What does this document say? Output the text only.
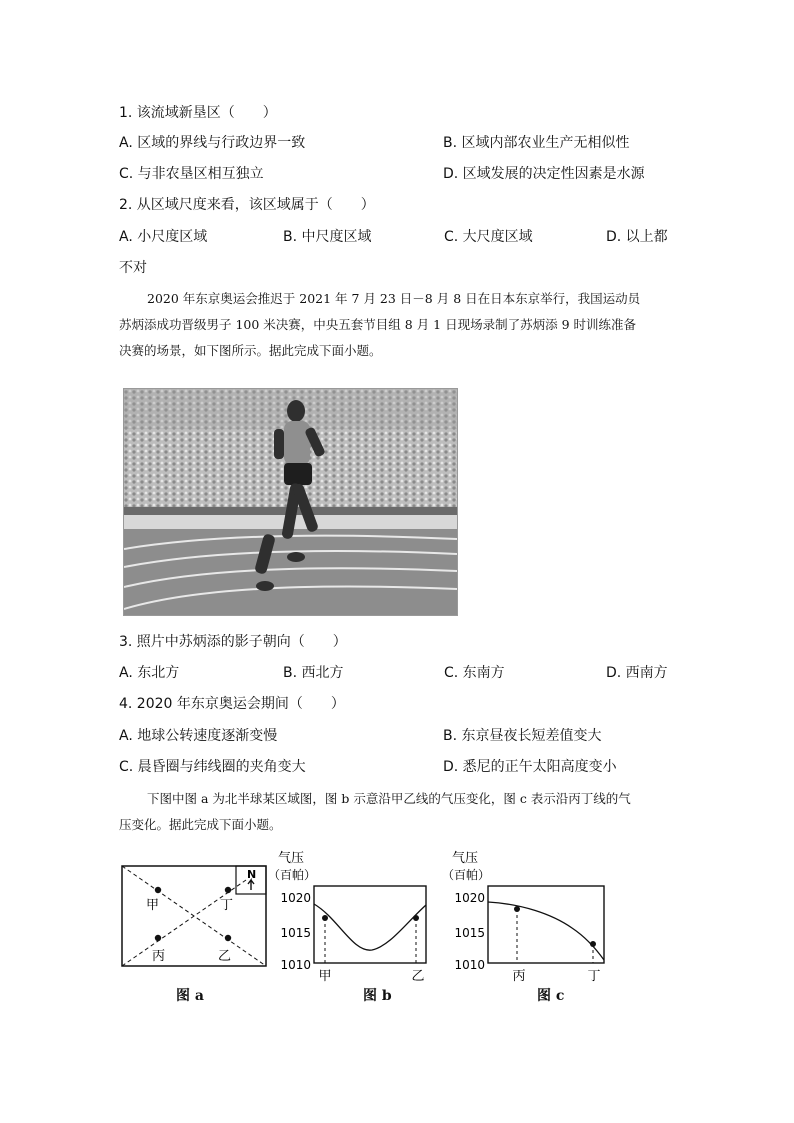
1. 该流域新垦区（　　）
A. 区域的界线与行政边界一致	B. 区域内部农业生产无相似性
C. 与非农垦区相互独立	D. 区域发展的决定性因素是水源
2. 从区域尺度来看，该区域属于（　　）
A. 小尺度区域	B. 中尺度区域	C. 大尺度区域	D. 以上都
不对
2020 年东京奥运会推迟于 2021 年 7 月 23 日－8 月 8 日在日本东京举行，我国运动员
苏炳添成功晋级男子 100 米决赛，中央五套节目组 8 月 1 日现场录制了苏炳添 9 时训练准备
决赛的场景，如下图所示。据此完成下面小题。
3. 照片中苏炳添的影子朝向（　　）
A. 东北方	B. 西北方	C. 东南方	D. 西南方
4. 2020 年东京奥运会期间（　　）
A. 地球公转速度逐渐变慢	B. 东京昼夜长短差值变大
C. 晨昏圈与纬线圈的夹角变大	D. 悉尼的正午太阳高度变小
下图中图 a 为北半球某区域图，图 b 示意沿甲乙线的气压变化，图 c 表示沿丙丁线的气
压变化。据此完成下面小题。
N
甲	丁
丙	乙
图 a
气压
（百帕）
1020
1015
1010
甲	乙
图 b
气压
（百帕）
1020
1015
1010
丙	丁
图 c
